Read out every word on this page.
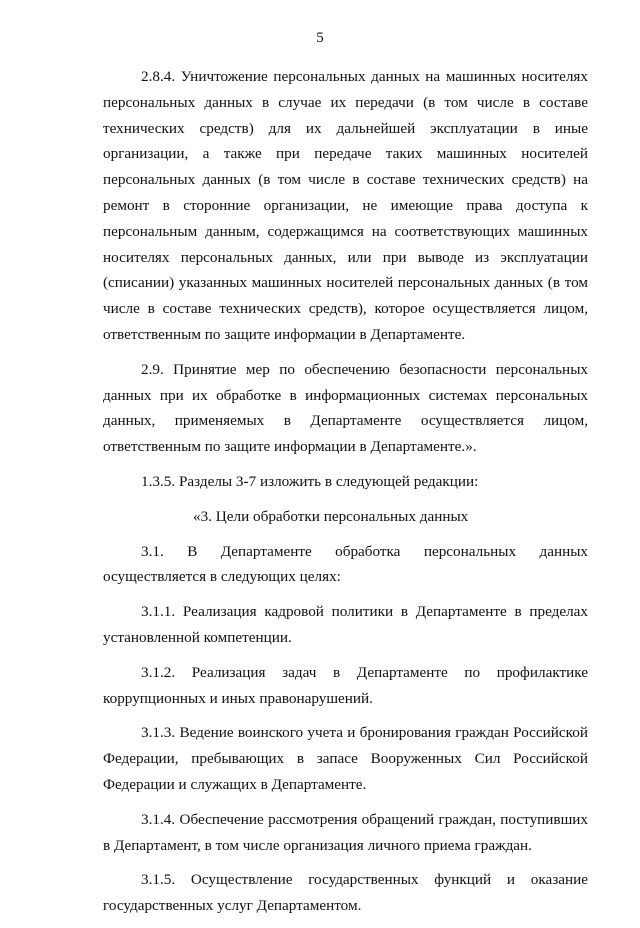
5

2.8.4. Уничтожение персональных данных на машинных носителях персональных данных в случае их передачи (в том числе в составе технических средств) для их дальнейшей эксплуатации в иные организации, а также при передаче таких машинных носителей персональных данных (в том числе в составе технических средств) на ремонт в сторонние организации, не имеющие права доступа к персональным данным, содержащимся на соответствующих машинных носителях персональных данных, или при выводе из эксплуатации (списании) указанных машинных носителей персональных данных (в том числе в составе технических средств), которое осуществляется лицом, ответственным по защите информации в Департаменте.

2.9. Принятие мер по обеспечению безопасности персональных данных при их обработке в информационных системах персональных данных, применяемых в Департаменте осуществляется лицом, ответственным по защите информации в Департаменте.».

1.3.5. Разделы 3-7 изложить в следующей редакции:

«3. Цели обработки персональных данных

3.1. В Департаменте обработка персональных данных осуществляется в следующих целях:

3.1.1. Реализация кадровой политики в Департаменте в пределах установленной компетенции.

3.1.2. Реализация задач в Департаменте по профилактике коррупционных и иных правонарушений.

3.1.3. Ведение воинского учета и бронирования граждан Российской Федерации, пребывающих в запасе Вооруженных Сил Российской Федерации и служащих в Департаменте.

3.1.4. Обеспечение рассмотрения обращений граждан, поступивших в Департамент, в том числе организация личного приема граждан.

3.1.5. Осуществление государственных функций и оказание государственных услуг Департаментом.
